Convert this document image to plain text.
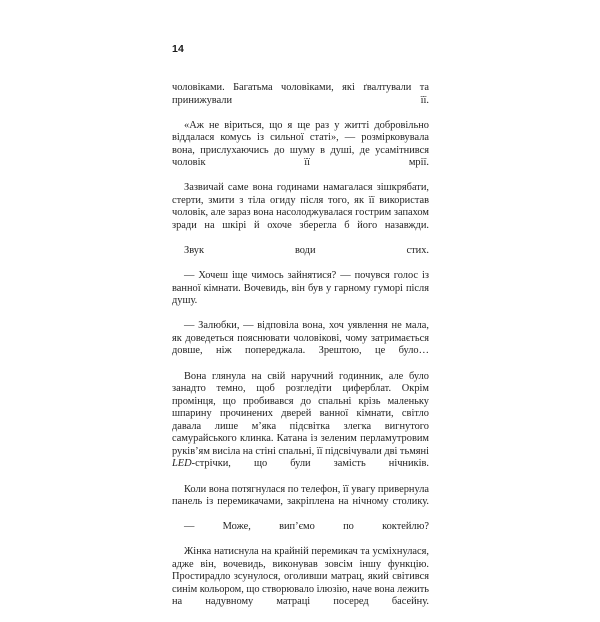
14

чоловіками. Багатьма чоловіками, які ґвалтували та принижували її.

«Аж не віриться, що я ще раз у житті добровільно віддалася комусь із сильної статі», — розмірковувала вона, прислухаючись до шуму в душі, де усамітнився чоловік її мрії.

Зазвичай саме вона годинами намагалася зішкрябати, стерти, змити з тіла огиду після того, як її використав чоловік, але зараз вона насолоджувалася гострим запахом зради на шкірі й охоче зберегла б його назавжди.

Звук води стих.

— Хочеш іще чимось зайнятися? — почувся голос із ванної кімнати. Вочевидь, він був у гарному гуморі після душу.

— Залюбки, — відповіла вона, хоч уявлення не мала, як доведеться пояснювати чоловікові, чому затримається довше, ніж попереджала. Зрештою, це було…

Вона глянула на свій наручний годинник, але було занадто темно, щоб розгледіти циферблат. Окрім промінця, що пробивався до спальні крізь маленьку шпарину прочинених дверей ванної кімнати, світло давала лише м’яка підсвітка злегка вигнутого самурайського клинка. Катана із зеленим перламутровим руків’ям висіла на стіні спальні, її підсвічували дві тьмяні LED-стрічки, що були замість нічників.

Коли вона потягнулася по телефон, її увагу привернула панель із перемикачами, закріплена на нічному столику.

— Може, вип’ємо по коктейлю?

Жінка натиснула на крайній перемикач та усміхнулася, адже він, вочевидь, виконував зовсім іншу функцію. Простирадло зсунулося, оголивши матрац, який світився синім кольором, що створювало ілюзію, наче вона лежить на надувному матраці посеред басейну.
